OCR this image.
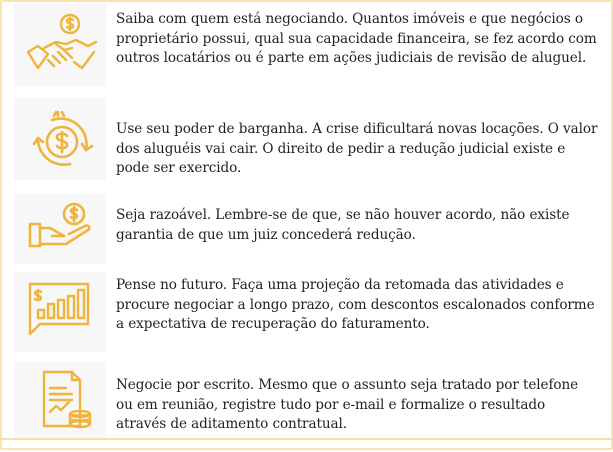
Saiba com quem está negociando. Quantos imóveis e que negócios o proprietário possui, qual sua capacidade financeira, se fez acordo com outros locatários ou é parte em ações judiciais de revisão de aluguel.
Use seu poder de barganha. A crise dificultará novas locações. O valor dos aluguéis vai cair. O direito de pedir a redução judicial existe e pode ser exercido.
Seja razoável. Lembre-se de que, se não houver acordo, não existe garantia de que um juiz concederá redução.
Pense no futuro. Faça uma projeção da retomada das atividades e procure negociar a longo prazo, com descontos escalonados conforme a expectativa de recuperação do faturamento.
Negocie por escrito. Mesmo que o assunto seja tratado por telefone ou em reunião, registre tudo por e-mail e formalize o resultado através de aditamento contratual.
